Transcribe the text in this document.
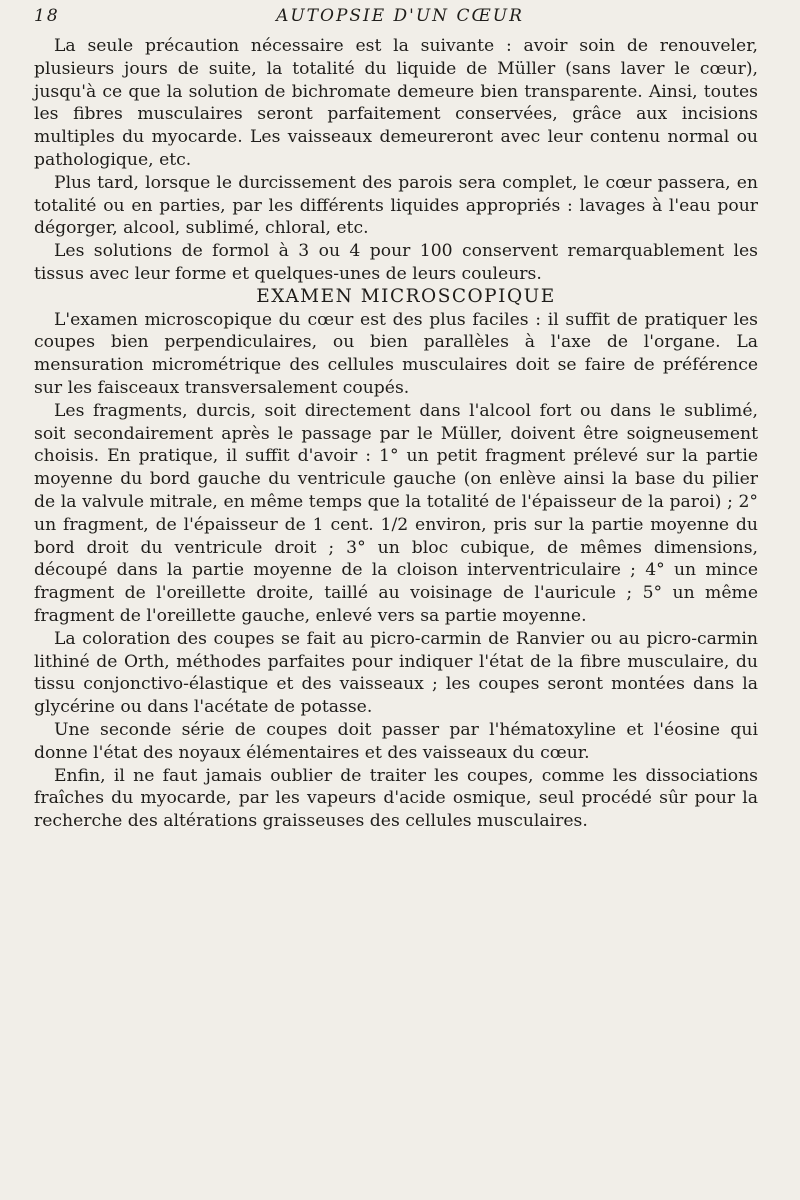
18	AUTOPSIE D'UN CŒUR

La seule précaution nécessaire est la suivante : avoir soin de renouveler, plusieurs jours de suite, la totalité du liquide de Müller (sans laver le cœur), jusqu'à ce que la solution de bichromate demeure bien transparente. Ainsi, toutes les fibres musculaires seront parfaitement conservées, grâce aux incisions multiples du myocarde. Les vaisseaux demeureront avec leur contenu normal ou pathologique, etc.

Plus tard, lorsque le durcissement des parois sera complet, le cœur passera, en totalité ou en parties, par les différents liquides appropriés : lavages à l'eau pour dégorger, alcool, sublimé, chloral, etc.

Les solutions de formol à 3 ou 4 pour 100 conservent remarquablement les tissus avec leur forme et quelques-unes de leurs couleurs.

EXAMEN MICROSCOPIQUE

L'examen microscopique du cœur est des plus faciles : il suffit de pratiquer les coupes bien perpendiculaires, ou bien parallèles à l'axe de l'organe. La mensuration micrométrique des cellules musculaires doit se faire de préférence sur les faisceaux transversalement coupés.

Les fragments, durcis, soit directement dans l'alcool fort ou dans le sublimé, soit secondairement après le passage par le Müller, doivent être soigneusement choisis. En pratique, il suffit d'avoir : 1° un petit fragment prélevé sur la partie moyenne du bord gauche du ventricule gauche (on enlève ainsi la base du pilier de la valvule mitrale, en même temps que la totalité de l'épaisseur de la paroi) ; 2° un fragment, de l'épaisseur de 1 cent. 1/2 environ, pris sur la partie moyenne du bord droit du ventricule droit ; 3° un bloc cubique, de mêmes dimensions, découpé dans la partie moyenne de la cloison interventriculaire ; 4° un mince fragment de l'oreillette droite, taillé au voisinage de l'auricule ; 5° un même fragment de l'oreillette gauche, enlevé vers sa partie moyenne.

La coloration des coupes se fait au picro-carmin de Ranvier ou au picro-carmin lithiné de Orth, méthodes parfaites pour indiquer l'état de la fibre musculaire, du tissu conjonctivo-élastique et des vaisseaux ; les coupes seront montées dans la glycérine ou dans l'acétate de potasse.

Une seconde série de coupes doit passer par l'hématoxyline et l'éosine qui donne l'état des noyaux élémentaires et des vaisseaux du cœur.

Enfin, il ne faut jamais oublier de traiter les coupes, comme les dissociations fraîches du myocarde, par les vapeurs d'acide osmique, seul procédé sûr pour la recherche des altérations graisseuses des cellules musculaires.
